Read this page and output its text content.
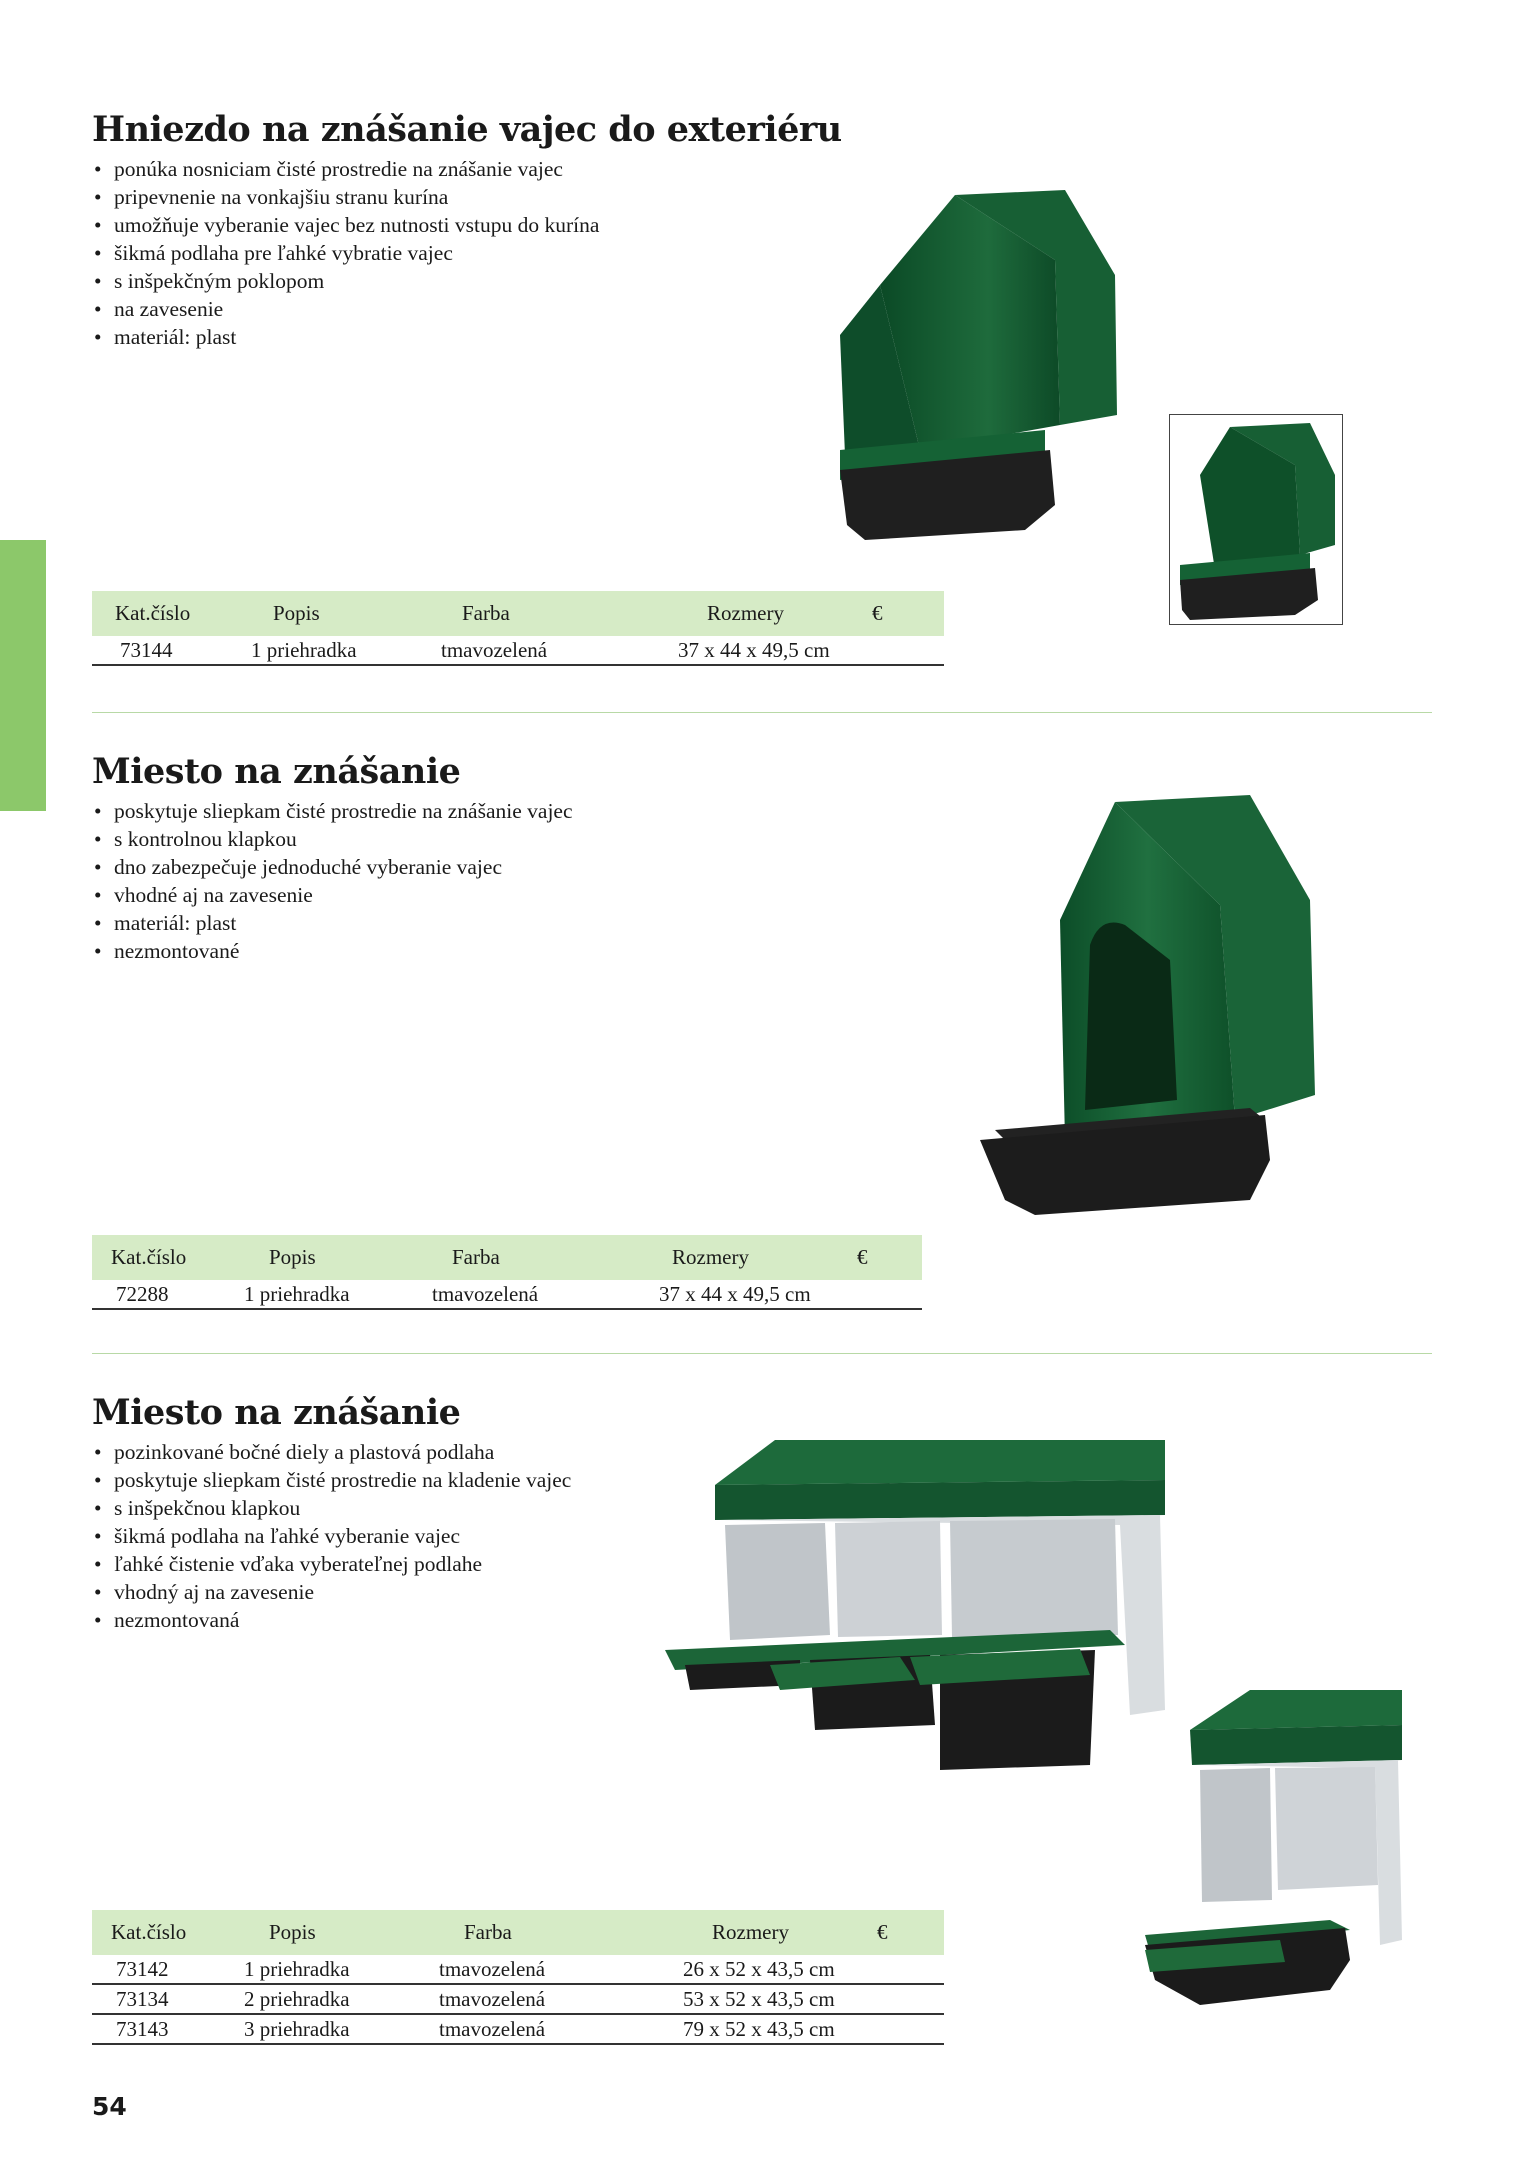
Hniezdo na znášanie vajec do exteriéru
• ponúka nosniciam čisté prostredie na znášanie vajec
• pripevnenie na vonkajšiu stranu kurína
• umožňuje vyberanie vajec bez nutnosti vstupu do kurína
• šikmá podlaha pre ľahké vybratie vajec
• s inšpekčným poklopom
• na zavesenie
• materiál: plast
Kat.číslo	Popis	Farba	Rozmery	€
73144	1 priehradka	tmavozelená	37 x 44 x 49,5 cm	
Miesto na znášanie
• poskytuje sliepkam čisté prostredie na znášanie vajec
• s kontrolnou klapkou
• dno zabezpečuje jednoduché vyberanie vajec
• vhodné aj na zavesenie
• materiál: plast
• nezmontované
Kat.číslo	Popis	Farba	Rozmery	€
72288	1 priehradka	tmavozelená	37 x 44 x 49,5 cm	
Miesto na znášanie
• pozinkované bočné diely a plastová podlaha
• poskytuje sliepkam čisté prostredie na kladenie vajec
• s inšpekčnou klapkou
• šikmá podlaha na ľahké vyberanie vajec
• ľahké čistenie vďaka vyberateľnej podlahe
• vhodný aj na zavesenie
• nezmontovaná
Kat.číslo	Popis	Farba	Rozmery	€
73142	1 priehradka	tmavozelená	26 x 52 x 43,5 cm	
73134	2 priehradka	tmavozelená	53 x 52 x 43,5 cm	
73143	3 priehradka	tmavozelená	79 x 52 x 43,5 cm	
54
